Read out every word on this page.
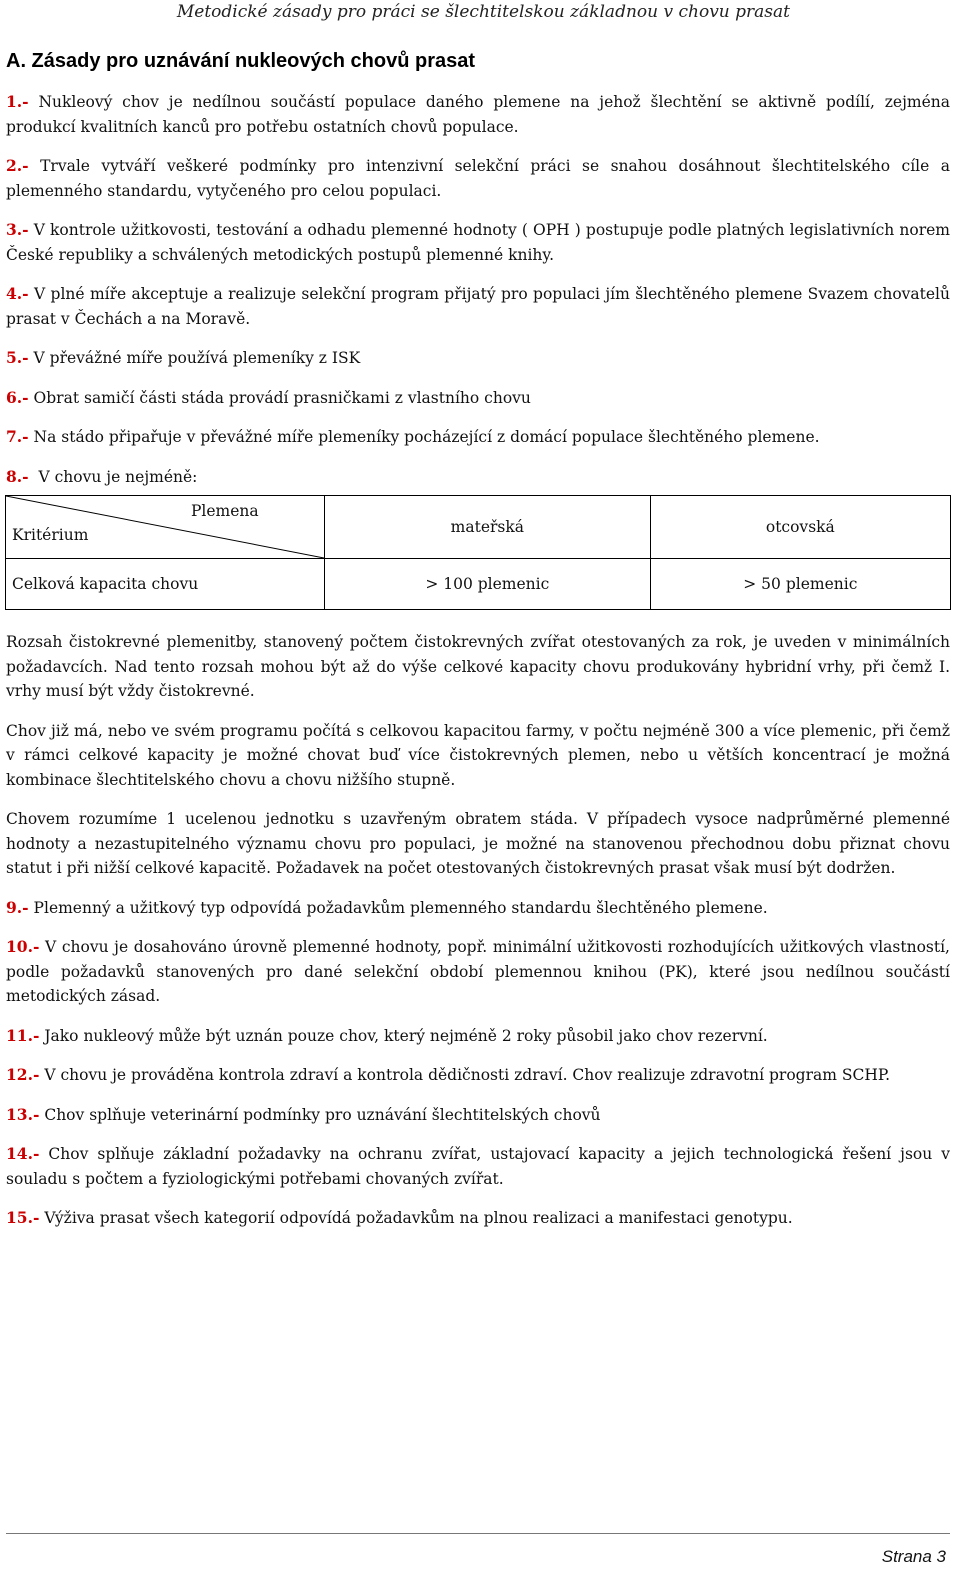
Metodické zásady pro práci se šlechtitelskou základnou v chovu prasat
A. Zásady pro uznávání nukleových chovů prasat

1.- Nukleový chov je nedílnou součástí populace daného plemene na jehož šlechtění se aktivně podílí, zejména produkcí kvalitních kanců pro potřebu ostatních chovů populace.

2.- Trvale vytváří veškeré podmínky pro intenzivní selekční práci se snahou dosáhnout šlechtitelského cíle a plemenného standardu, vytyčeného pro celou populaci.

3.- V kontrole užitkovosti, testování a odhadu plemenné hodnoty ( OPH ) postupuje podle platných legislativních norem České republiky a schválených metodických postupů plemenné knihy.

4.- V plné míře akceptuje a realizuje selekční program přijatý pro populaci jím šlechtěného plemene Svazem chovatelů prasat v Čechách a na Moravě.

5.- V převážné míře používá plemeníky z ISK

6.- Obrat samičí části stáda provádí prasničkami z vlastního chovu

7.- Na stádo připařuje v převážné míře plemeníky pocházející z domácí populace šlechtěného plemene.

8.-  V chovu je nejméně:

Plemena
Kritérium	mateřská	otcovská
Celková kapacita chovu	> 100 plemenic	> 50 plemenic

Rozsah čistokrevné plemenitby, stanovený počtem čistokrevných zvířat otestovaných za rok, je uveden v minimálních požadavcích. Nad tento rozsah mohou být až do výše celkové kapacity chovu produkovány hybridní vrhy, při čemž I. vrhy musí být vždy čistokrevné.

Chov již má, nebo ve svém programu počítá s celkovou kapacitou farmy, v počtu nejméně 300 a více plemenic, při čemž v rámci celkové kapacity je možné chovat buď více čistokrevných plemen, nebo u větších koncentrací je možná kombinace šlechtitelského chovu a chovu nižšího stupně.

Chovem rozumíme 1 ucelenou jednotku s uzavřeným obratem stáda. V případech vysoce nadprůměrné plemenné hodnoty a nezastupitelného významu chovu pro populaci, je možné na stanovenou přechodnou dobu přiznat chovu statut i při nižší celkové kapacitě. Požadavek na počet otestovaných čistokrevných prasat však musí být dodržen.

9.- Plemenný a užitkový typ odpovídá požadavkům plemenného standardu šlechtěného plemene.

10.- V chovu je dosahováno úrovně plemenné hodnoty, popř. minimální užitkovosti rozhodujících užitkových vlastností, podle požadavků stanovených pro dané selekční období plemennou knihou (PK), které jsou nedílnou součástí metodických zásad.

11.- Jako nukleový může být uznán pouze chov, který nejméně 2 roky působil jako chov rezervní.

12.- V chovu je prováděna kontrola zdraví a kontrola dědičnosti zdraví. Chov realizuje zdravotní program SCHP.

13.- Chov splňuje veterinární podmínky pro uznávání šlechtitelských chovů

14.- Chov splňuje základní požadavky na ochranu zvířat, ustajovací kapacity a jejich technologická řešení jsou v souladu s počtem a fyziologickými potřebami chovaných zvířat.

15.- Výživa prasat všech kategorií odpovídá požadavkům na plnou realizaci a manifestaci genotypu.

Strana 3
